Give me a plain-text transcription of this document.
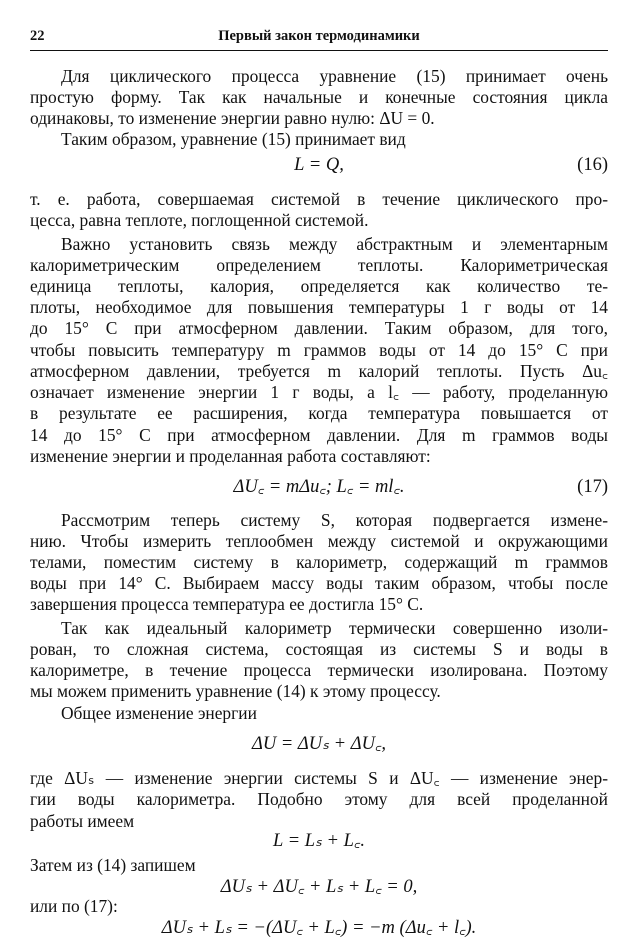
22	Первый закон термодинамики
Для циклического процесса уравнение (15) принимает очень
простую форму. Так как начальные и конечные состояния цикла
одинаковы, то изменение энергии равно нулю: ΔU = 0.
Таким образом, уравнение (15) принимает вид
L = Q,	(16)
т. е. работа, совершаемая системой в течение циклического про-
цесса, равна теплоте, поглощенной системой.
Важно установить связь между абстрактным и элементарным
калориметрическим определением теплоты. Калориметрическая
единица теплоты, калория, определяется как количество те-
плоты, необходимое для повышения температуры 1 г воды от 14
до 15° C при атмосферном давлении. Таким образом, для того,
чтобы повысить температуру m граммов воды от 14 до 15° C при
атмосферном давлении, требуется m калорий теплоты. Пусть Δu꜀
означает изменение энергии 1 г воды, а l꜀ — работу, проделанную
в результате ее расширения, когда температура повышается от
14 до 15° C при атмосферном давлении. Для m граммов воды
изменение энергии и проделанная работа составляют:
ΔU꜀ = mΔu꜀; L꜀ = ml꜀.	(17)
Рассмотрим теперь систему S, которая подвергается измене-
нию. Чтобы измерить теплообмен между системой и окружающими
телами, поместим систему в калориметр, содержащий m граммов
воды при 14° C. Выбираем массу воды таким образом, чтобы после
завершения процесса температура ее достигла 15° C.
Так как идеальный калориметр термически совершенно изоли-
рован, то сложная система, состоящая из системы S и воды в
калориметре, в течение процесса термически изолирована. Поэтому
мы можем применить уравнение (14) к этому процессу.
Общее изменение энергии
ΔU = ΔUₛ + ΔU꜀,
где ΔUₛ — изменение энергии системы S и ΔU꜀ — изменение энер-
гии воды калориметра. Подобно этому для всей проделанной
работы имеем
L = Lₛ + L꜀.
Затем из (14) запишем
ΔUₛ + ΔU꜀ + Lₛ + L꜀ = 0,
или по (17):
ΔUₛ + Lₛ = −(ΔU꜀ + L꜀) = −m (Δu꜀ + l꜀).
